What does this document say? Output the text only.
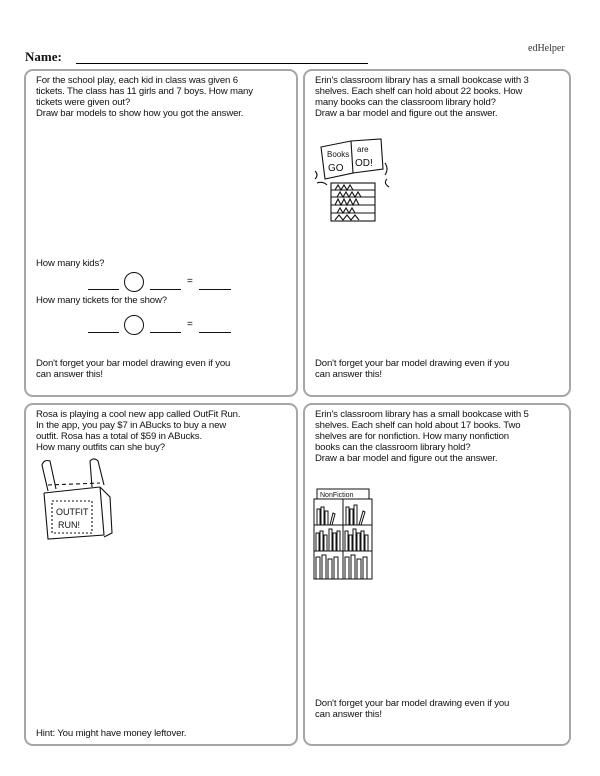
edHelper
Name:
For the school play, each kid in class was given 6
tickets. The class has 11 girls and 7 boys. How many
tickets were given out?
Draw bar models to show how you got the answer.
How many kids?
=
How many tickets for the show?
=
Don't forget your bar model drawing even if you
can answer this!
Erin's classroom library has a small bookcase with 3
shelves. Each shelf can hold about 22 books. How
many books can the classroom library hold?
Draw a bar model and figure out the answer.
Books
are
GO OD!
Don't forget your bar model drawing even if you
can answer this!
Rosa is playing a cool new app called OutFit Run.
In the app, you pay $7 in ABucks to buy a new
outfit. Rosa has a total of $59 in ABucks.
How many outfits can she buy?
OUTFIT
RUN!
Hint: You might have money leftover.
Erin's classroom library has a small bookcase with 5
shelves. Each shelf can hold about 17 books. Two
shelves are for nonfiction. How many nonfiction
books can the classroom library hold?
Draw a bar model and figure out the answer.
NonFiction
Don't forget your bar model drawing even if you
can answer this!
